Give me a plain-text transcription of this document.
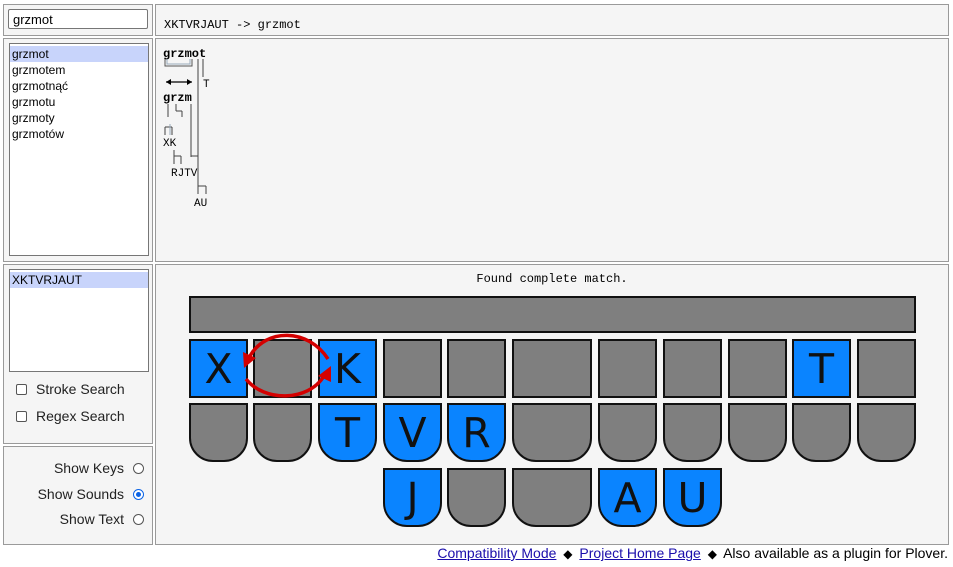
grzmot
XKTVRJAUT -> grzmot
grzmot
grzmotem
grzmotnąć
grzmotu
grzmoty
grzmotów
grzmot
T
grzm
XK
RJTV
AU
XKTVRJAUT
Stroke Search
Regex Search
Show Keys
Show Sounds
Show Text
Found complete match.
X	K	T
T V R
J	A U
Compatibility Mode ◆ Project Home Page ◆ Also available as a plugin for Plover.
